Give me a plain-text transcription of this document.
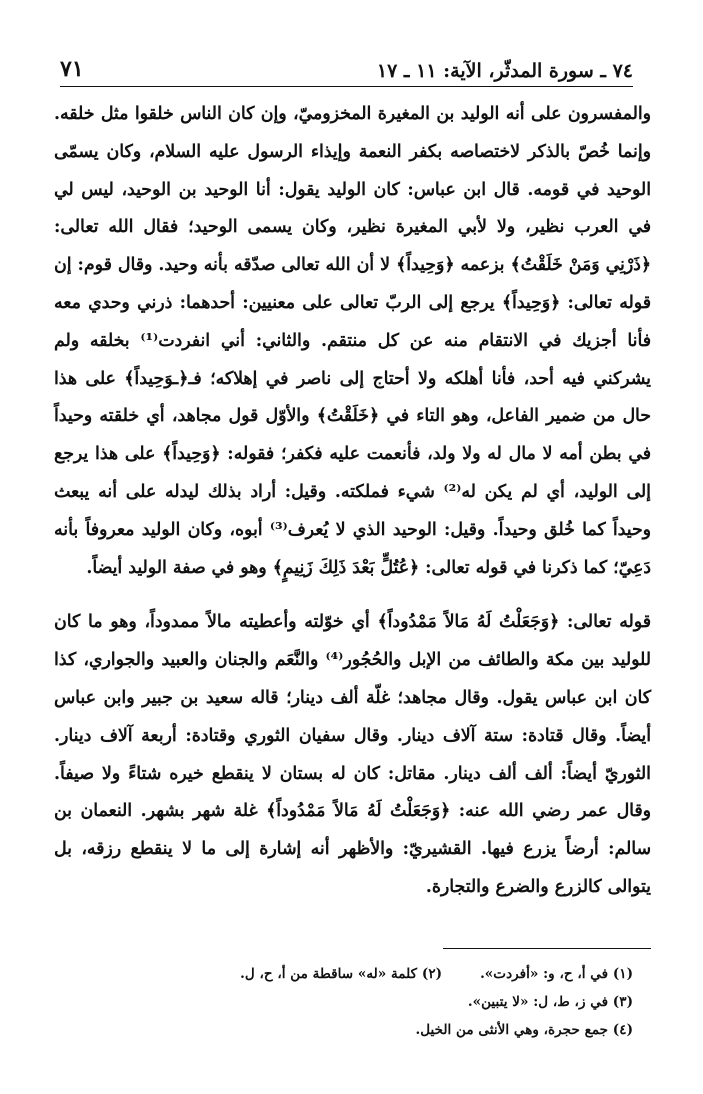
٧٤ ـ سورة المدثّر، الآية: ١١ ـ ١٧
٧١

والمفسرون على أنه الوليد بن المغيرة المخزوميّ، وإن كان الناس خلقوا مثل خلقه. وإنما خُصّ بالذكر لاختصاصه بكفر النعمة وإيذاء الرسول عليه السلام، وكان يسمّى الوحيد في قومه. قال ابن عباس: كان الوليد يقول: أنا الوحيد بن الوحيد، ليس لي في العرب نظير، ولا لأبي المغيرة نظير، وكان يسمى الوحيد؛ فقال الله تعالى: ﴿ذَرْنِي وَمَنْ خَلَقْتُ﴾ بزعمه ﴿وَحِيداً﴾ لا أن الله تعالى صدّقه بأنه وحيد. وقال قوم: إن قوله تعالى: ﴿وَحِيداً﴾ يرجع إلى الربّ تعالى على معنيين: أحدهما: ذرني وحدي معه فأنا أجزيك في الانتقام منه عن كل منتقم. والثاني: أني انفردت⁽¹⁾ بخلقه ولم يشركني فيه أحد، فأنا أهلكه ولا أحتاج إلى ناصر في إهلاكه؛ فـ﴿ـوَحِيداً﴾ على هذا حال من ضمير الفاعل، وهو التاء في ﴿خَلَقْتُ﴾ والأوّل قول مجاهد، أي خلقته وحيداً في بطن أمه لا مال له ولا ولد، فأنعمت عليه فكفر؛ فقوله: ﴿وَحِيداً﴾ على هذا يرجع إلى الوليد، أي لم يكن له⁽²⁾ شيء فملكته. وقيل: أراد بذلك ليدله على أنه يبعث وحيداً كما خُلق وحيداً. وقيل: الوحيد الذي لا يُعرف⁽³⁾ أبوه، وكان الوليد معروفاً بأنه دَعِيّ؛ كما ذكرنا في قوله تعالى: ﴿عُتُلٍّ بَعْدَ ذَلِكَ زَنِيمٍ﴾ وهو في صفة الوليد أيضاً.

قوله تعالى: ﴿وَجَعَلْتُ لَهُ مَالاً مَمْدُوداً﴾ أي خوّلته وأعطيته مالاً ممدوداً، وهو ما كان للوليد بين مكة والطائف من الإبل والحُجُور⁽⁴⁾ والنَّعَم والجنان والعبيد والجواري، كذا كان ابن عباس يقول. وقال مجاهد؛ غلّة ألف دينار؛ قاله سعيد بن جبير وابن عباس أيضاً. وقال قتادة: ستة آلاف دينار. وقال سفيان الثوري وقتادة: أربعة آلاف دينار. الثوريّ أيضاً: ألف ألف دينار. مقاتل: كان له بستان لا ينقطع خيره شتاءً ولا صيفاً. وقال عمر رضي الله عنه: ﴿وَجَعَلْتُ لَهُ مَالاً مَمْدُوداً﴾ غلة شهر بشهر. النعمان بن سالم: أرضاً يزرع فيها. القشيريّ: والأظهر أنه إشارة إلى ما لا ينقطع رزقه، بل يتوالى كالزرع والضرع والتجارة.

(١) في أ، ح، و: «أفردت».(٢) كلمة «له» ساقطة من أ، ح، ل.

(٣) في ز، ط، ل: «لا يتبين».

(٤) جمع حجرة، وهي الأنثى من الخيل.
